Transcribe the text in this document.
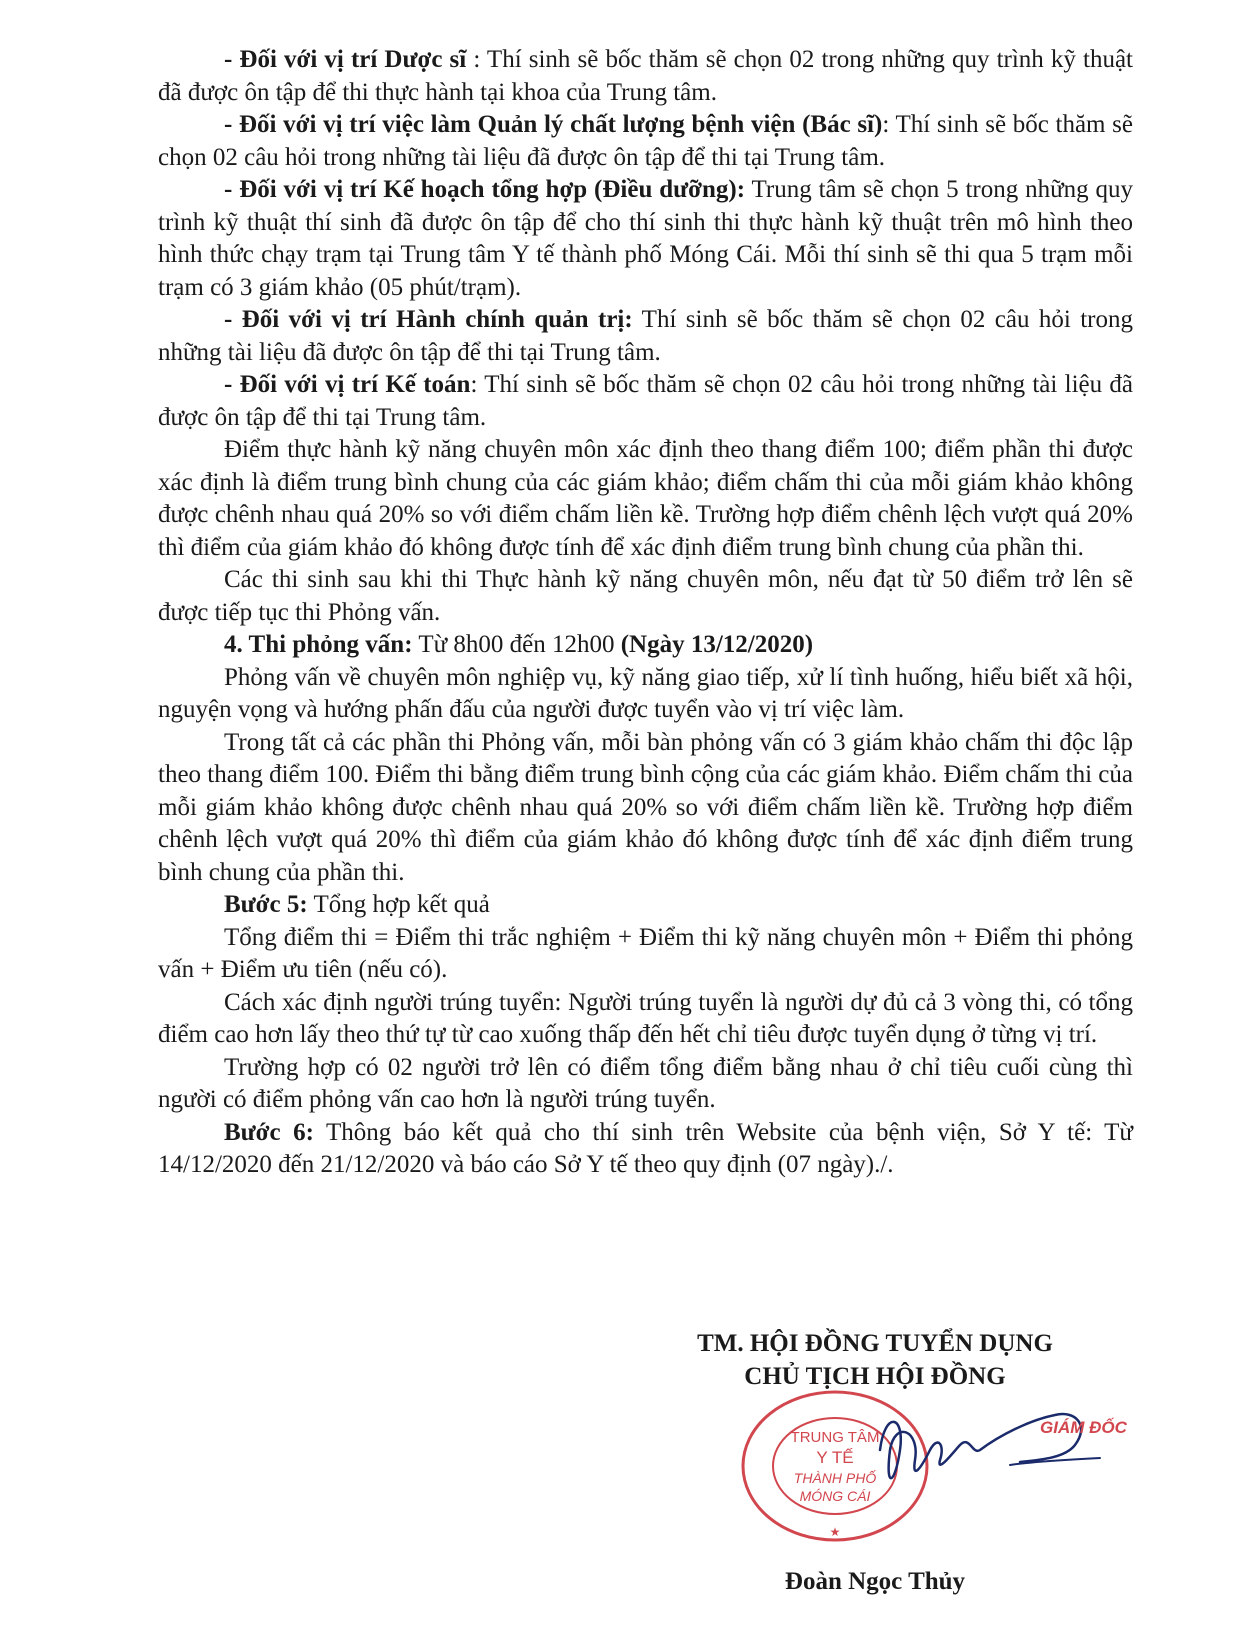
- Đối với vị trí Dược sĩ : Thí sinh sẽ bốc thăm sẽ chọn 02 trong những quy trình kỹ thuật đã được ôn tập để thi thực hành tại khoa của Trung tâm.

- Đối với vị trí việc làm Quản lý chất lượng bệnh viện (Bác sĩ): Thí sinh sẽ bốc thăm sẽ chọn 02 câu hỏi trong những tài liệu đã được ôn tập để thi tại Trung tâm.

- Đối với vị trí Kế hoạch tổng hợp (Điều dưỡng): Trung tâm sẽ chọn 5 trong những quy trình kỹ thuật thí sinh đã được ôn tập để cho thí sinh thi thực hành kỹ thuật trên mô hình theo hình thức chạy trạm tại Trung tâm Y tế thành phố Móng Cái. Mỗi thí sinh sẽ thi qua 5 trạm mỗi trạm có 3 giám khảo (05 phút/trạm).

- Đối với vị trí Hành chính quản trị: Thí sinh sẽ bốc thăm sẽ chọn 02 câu hỏi trong những tài liệu đã được ôn tập để thi tại Trung tâm.

- Đối với vị trí Kế toán: Thí sinh sẽ bốc thăm sẽ chọn 02 câu hỏi trong những tài liệu đã được ôn tập để thi tại Trung tâm.

Điểm thực hành kỹ năng chuyên môn xác định theo thang điểm 100; điểm phần thi được xác định là điểm trung bình chung của các giám khảo; điểm chấm thi của mỗi giám khảo không được chênh nhau quá 20% so với điểm chấm liền kề. Trường hợp điểm chênh lệch vượt quá 20% thì điểm của giám khảo đó không được tính để xác định điểm trung bình chung của phần thi.

Các thi sinh sau khi thi Thực hành kỹ năng chuyên môn, nếu đạt từ 50 điểm trở lên sẽ được tiếp tục thi Phỏng vấn.

4. Thi phỏng vấn: Từ 8h00 đến 12h00 (Ngày 13/12/2020)

Phỏng vấn về chuyên môn nghiệp vụ, kỹ năng giao tiếp, xử lí tình huống, hiểu biết xã hội, nguyện vọng và hướng phấn đấu của người được tuyển vào vị trí việc làm.

Trong tất cả các phần thi Phỏng vấn, mỗi bàn phỏng vấn có 3 giám khảo chấm thi độc lập theo thang điểm 100. Điểm thi bằng điểm trung bình cộng của các giám khảo. Điểm chấm thi của mỗi giám khảo không được chênh nhau quá 20% so với điểm chấm liền kề. Trường hợp điểm chênh lệch vượt quá 20% thì điểm của giám khảo đó không được tính để xác định điểm trung bình chung của phần thi.

Bước 5: Tổng hợp kết quả

Tổng điểm thi = Điểm thi trắc nghiệm + Điểm thi kỹ năng chuyên môn + Điểm thi phỏng vấn + Điểm ưu tiên (nếu có).

Cách xác định người trúng tuyển: Người trúng tuyển là người dự đủ cả 3 vòng thi, có tổng điểm cao hơn lấy theo thứ tự từ cao xuống thấp đến hết chỉ tiêu được tuyển dụng ở từng vị trí.

Trường hợp có 02 người trở lên có điểm tổng điểm bằng nhau ở chỉ tiêu cuối cùng thì người có điểm phỏng vấn cao hơn là người trúng tuyển.

Bước 6: Thông báo kết quả cho thí sinh trên Website của bệnh viện, Sở Y tế: Từ 14/12/2020 đến 21/12/2020 và báo cáo Sở Y tế theo quy định (07 ngày)./.

TM. HỘI ĐỒNG TUYỂN DỤNG
CHỦ TỊCH HỘI ĐỒNG
TRUNG TÂM
Y TẾ
THÀNH PHỐ
MÓNG CÁI
★
GIÁM ĐỐC
Đoàn Ngọc Thủy
